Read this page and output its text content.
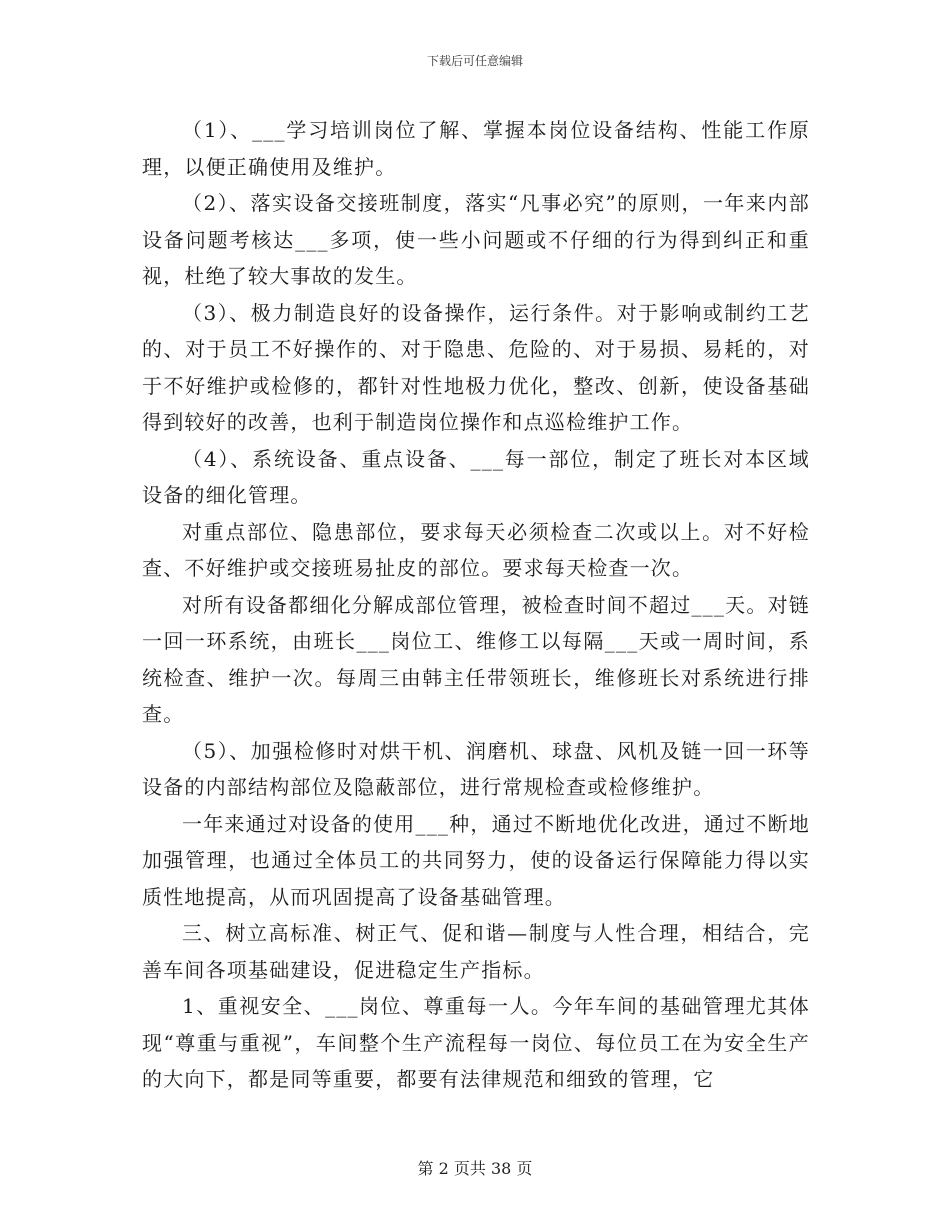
下载后可任意编辑

（1）、___学习培训岗位了解、掌握本岗位设备结构、性能工作原理，以便正确使用及维护。

（2）、落实设备交接班制度，落实“凡事必究”的原则，一年来内部设备问题考核达___多项，使一些小问题或不仔细的行为得到纠正和重视，杜绝了较大事故的发生。

（3）、极力制造良好的设备操作，运行条件。对于影响或制约工艺的、对于员工不好操作的、对于隐患、危险的、对于易损、易耗的，对于不好维护或检修的，都针对性地极力优化，整改、创新，使设备基础得到较好的改善，也利于制造岗位操作和点巡检维护工作。

（4）、系统设备、重点设备、___每一部位，制定了班长对本区域设备的细化管理。

对重点部位、隐患部位，要求每天必须检查二次或以上。对不好检查、不好维护或交接班易扯皮的部位。要求每天检查一次。

对所有设备都细化分解成部位管理，被检查时间不超过___天。对链一回一环系统，由班长___岗位工、维修工以每隔___天或一周时间，系统检查、维护一次。每周三由韩主任带领班长，维修班长对系统进行排查。

（5）、加强检修时对烘干机、润磨机、球盘、风机及链一回一环等设备的内部结构部位及隐蔽部位，进行常规检查或检修维护。

一年来通过对设备的使用___种，通过不断地优化改进，通过不断地加强管理，也通过全体员工的共同努力，使的设备运行保障能力得以实质性地提高，从而巩固提高了设备基础管理。

三、树立高标准、树正气、促和谐—制度与人性合理，相结合，完善车间各项基础建设，促进稳定生产指标。

1、重视安全、___岗位、尊重每一人。今年车间的基础管理尤其体现“尊重与重视”，车间整个生产流程每一岗位、每位员工在为安全生产的大向下，都是同等重要，都要有法律规范和细致的管理，它

第 2 页共 38 页
